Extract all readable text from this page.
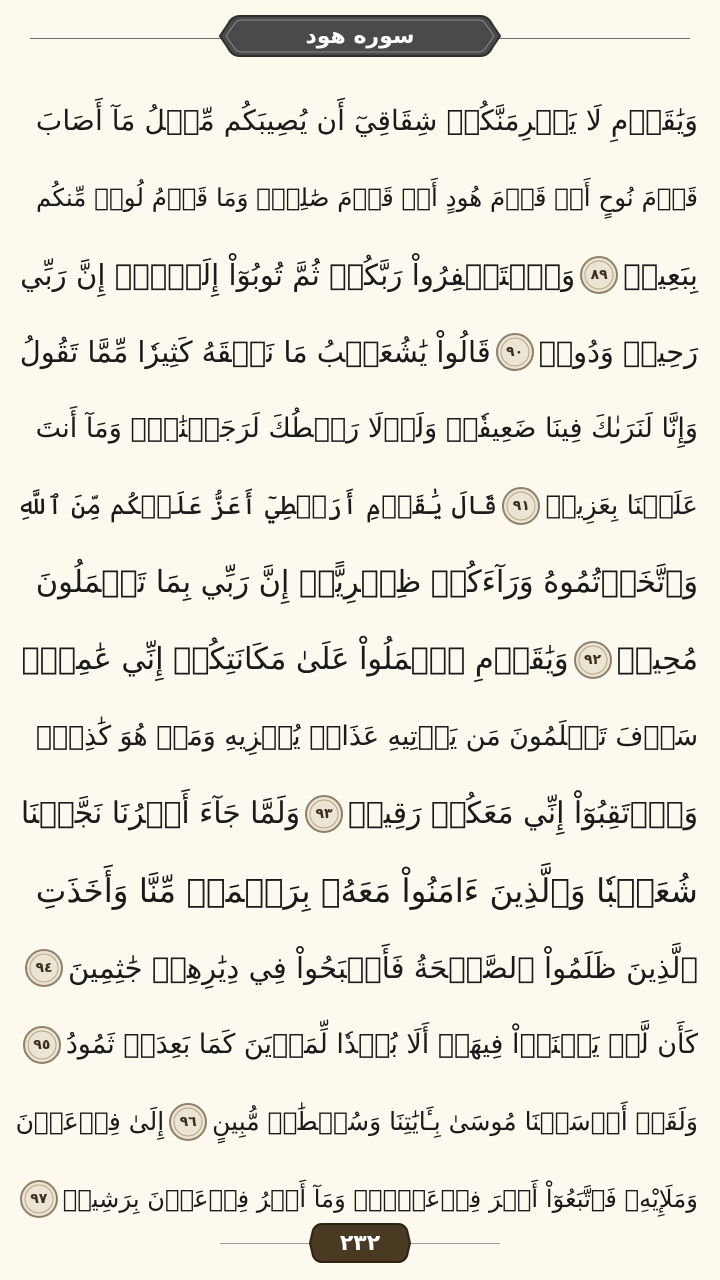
سوره هود
وَيَٰقَوۡمِ لَا يَجۡرِمَنَّكُمۡ شِقَاقِيٓ أَن يُصِيبَكُم مِّثۡلُ مَآ أَصَابَ
قَوۡمَ نُوحٍ أَوۡ قَوۡمَ هُودٍ أَوۡ قَوۡمَ صَٰلِحٖۚ وَمَا قَوۡمُ لُوطٖ مِّنكُم
بِبَعِيدٖ
٨٩
وَٱسۡتَغۡفِرُواْ رَبَّكُمۡ ثُمَّ تُوبُوٓاْ إِلَيۡهِۚ إِنَّ رَبِّي
رَحِيمٞ وَدُودٞ
٩٠
قَالُواْ يَٰشُعَيۡبُ مَا نَفۡقَهُ كَثِيرٗا مِّمَّا تَقُولُ
وَإِنَّا لَنَرَىٰكَ فِينَا ضَعِيفٗاۖ وَلَوۡلَا رَهۡطُكَ لَرَجَمۡنَٰكَۖ وَمَآ أَنتَ
عَلَيۡنَا بِعَزِيزٖ
٩١
قَالَ يَٰقَوۡمِ أَرَهۡطِيٓ أَعَزُّ عَلَيۡكُم مِّنَ ٱللَّهِ
وَٱتَّخَذۡتُمُوهُ وَرَآءَكُمۡ ظِهۡرِيًّاۖ إِنَّ رَبِّي بِمَا تَعۡمَلُونَ
مُحِيطٞ
٩٢
وَيَٰقَوۡمِ ٱعۡمَلُواْ عَلَىٰ مَكَانَتِكُمۡ إِنِّي عَٰمِلٞۖ
سَوۡفَ تَعۡلَمُونَ مَن يَأۡتِيهِ عَذَابٞ يُخۡزِيهِ وَمَنۡ هُوَ كَٰذِبٞۖ
وَٱرۡتَقِبُوٓاْ إِنِّي مَعَكُمۡ رَقِيبٞ
٩٣
وَلَمَّا جَآءَ أَمۡرُنَا نَجَّيۡنَا
شُعَيۡبٗا وَٱلَّذِينَ ءَامَنُواْ مَعَهُۥ بِرَحۡمَةٖ مِّنَّا وَأَخَذَتِ
ٱلَّذِينَ ظَلَمُواْ ٱلصَّيۡحَةُ فَأَصۡبَحُواْ فِي دِيَٰرِهِمۡ جَٰثِمِينَ
٩٤
كَأَن لَّمۡ يَغۡنَوۡاْ فِيهَآۗ أَلَا بُعۡدٗا لِّمَدۡيَنَ كَمَا بَعِدَتۡ ثَمُودُ
٩٥
وَلَقَدۡ أَرۡسَلۡنَا مُوسَىٰ بِـَٔايَٰتِنَا وَسُلۡطَٰنٖ مُّبِينٍ
٩٦
إِلَىٰ فِرۡعَوۡنَ
وَمَلَإِيْهِۦ فَٱتَّبَعُوٓاْ أَمۡرَ فِرۡعَوۡنَۖ وَمَآ أَمۡرُ فِرۡعَوۡنَ بِرَشِيدٖ
٩٧
٢٣٢
